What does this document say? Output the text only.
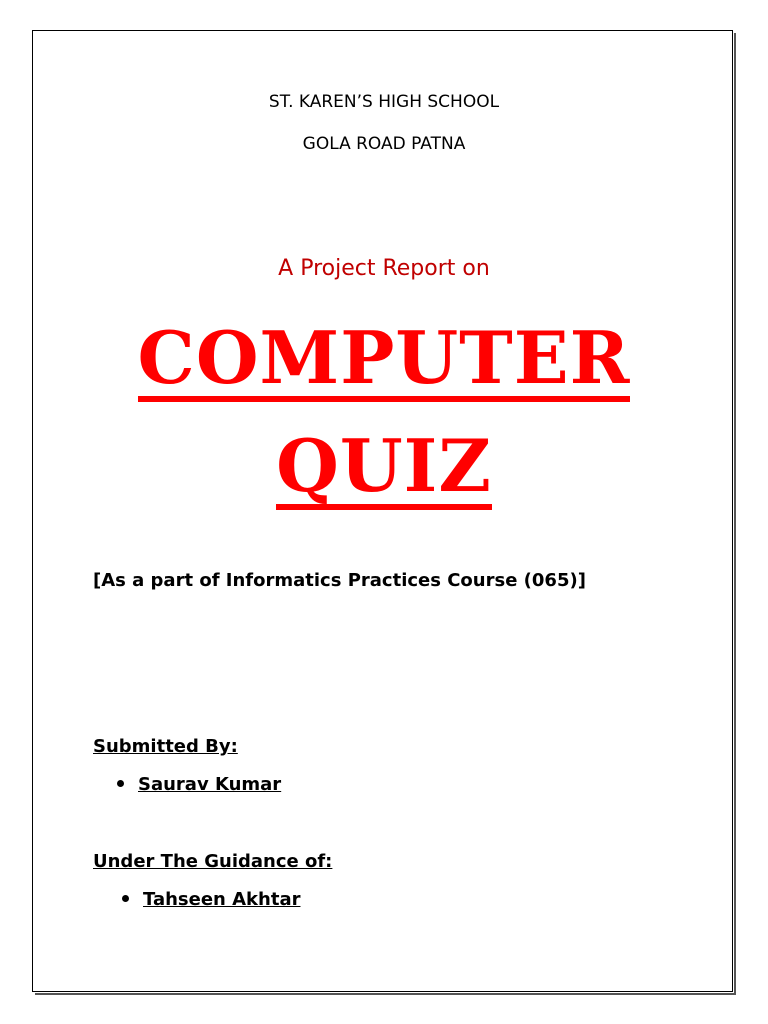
ST. KAREN’S HIGH SCHOOL
GOLA ROAD PATNA
A Project Report on
COMPUTER
QUIZ
[As a part of Informatics Practices Course (065)]
Submitted By:
Saurav Kumar
Under The Guidance of:
Tahseen Akhtar
